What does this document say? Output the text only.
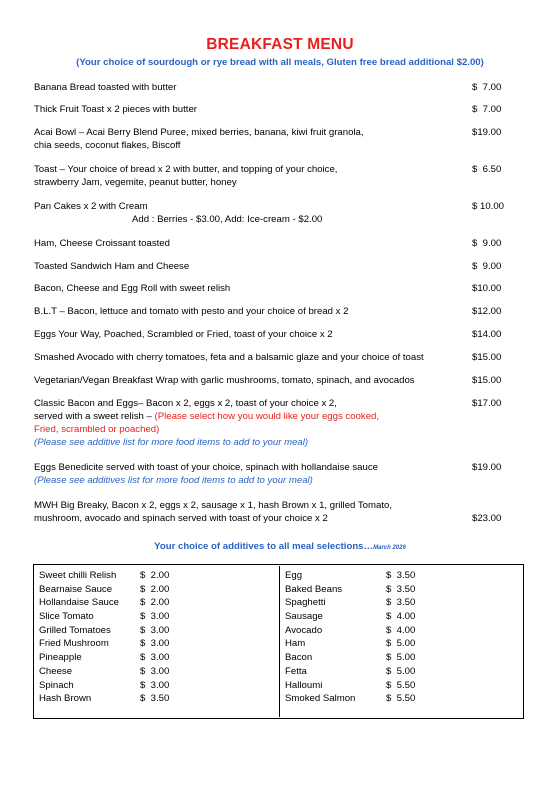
BREAKFAST MENU
(Your choice of sourdough or rye bread with all meals, Gluten free bread additional $2.00)
Banana Bread toasted with butter	$  7.00
Thick Fruit Toast x 2 pieces with butter	$  7.00
Acai Bowl – Acai Berry Blend Puree, mixed berries, banana, kiwi fruit granola,
chia seeds, coconut flakes, Biscoff
$19.00
Toast – Your choice of bread x 2 with butter, and topping of your choice,
strawberry Jam, vegemite, peanut butter, honey
$  6.50
Pan Cakes x 2 with Cream
Add : Berries - $3.00, Add: Ice-cream - $2.00
$ 10.00
Ham, Cheese Croissant toasted	$  9.00
Toasted Sandwich Ham and Cheese	$  9.00
Bacon, Cheese and Egg Roll with sweet relish	$10.00
B.L.T – Bacon, lettuce and tomato with pesto and your choice of bread x 2	$12.00
Eggs Your Way, Poached, Scrambled or Fried, toast of your choice x 2	$14.00
Smashed Avocado with cherry tomatoes, feta and a balsamic glaze and your choice of toast	$15.00
Vegetarian/Vegan Breakfast Wrap with garlic mushrooms, tomato, spinach, and avocados	$15.00
Classic Bacon and Eggs– Bacon x 2, eggs x 2, toast of your choice x 2,
served with a sweet relish – (Please select how you would like your eggs cooked,
Fried, scrambled or poached)
(Please see additive list for more food items to add to your meal)
$17.00
Eggs Benedicite served with toast of your choice, spinach with hollandaise sauce
(Please see additives list for more food items to add to your meal)
$19.00
MWH Big Breaky, Bacon x 2, eggs x 2, sausage x 1, hash Brown x 1, grilled Tomato,
mushroom, avocado and spinach served with toast of your choice x 2	$23.00
Your choice of additives to all meal selections…March 2026
Sweet chilli Relish $  2.00
Bearnaise Sauce	$  2.00
Hollandaise Sauce $  2.00
Slice Tomato	$  3.00
Grilled Tomatoes	$  3.00
Fried Mushroom	$  3.00
Pineapple	$  3.00
Cheese	$  3.00
Spinach	$  3.00
Hash Brown	$  3.50
Egg	$  3.50
Baked Beans	$  3.50
Spaghetti	$  3.50
Sausage	$  4.00
Avocado	$  4.00
Ham	$  5.00
Bacon	$  5.00
Fetta	$  5.00
Halloumi	$  5.50
Smoked Salmon	$  5.50
